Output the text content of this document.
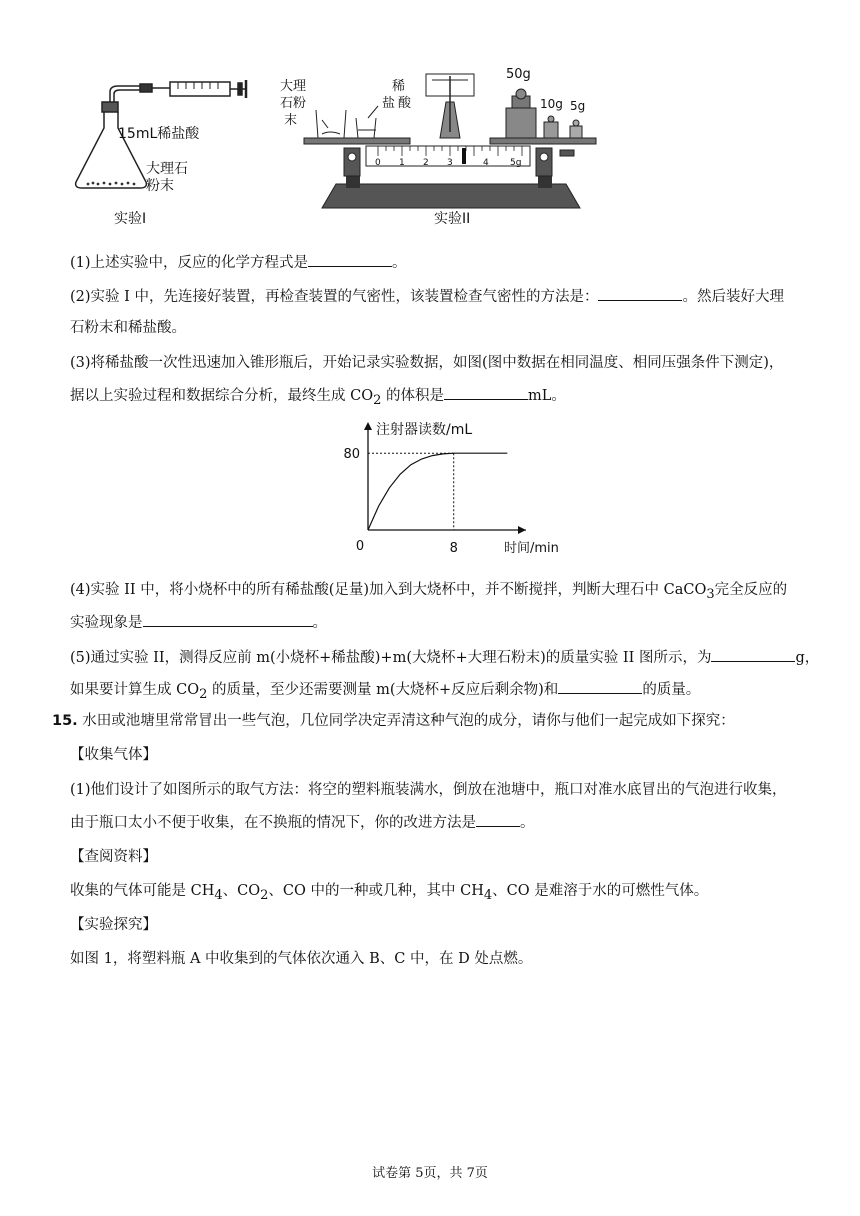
15mL稀盐酸
大理石
粉末
实验I
大理
石粉
末
稀
盐 酸
50g
10g 5g
0 1 2 3	4 5g
实验II
(1)上述实验中，反应的化学方程式是	。
(2)实验 I 中，先连接好装置，再检查装置的气密性，该装置检查气密性的方法是：	。然后装好大理
石粉末和稀盐酸。
(3)将稀盐酸一次性迅速加入锥形瓶后，开始记录实验数据，如图(图中数据在相同温度、相同压强条件下测定)，
据以上实验过程和数据综合分析，最终生成 $CO_2$ 的体积是	mL。
注射器读数/mL
时间/min
0	8
80
(4)实验 II 中，将小烧杯中的所有稀盐酸(足量)加入到大烧杯中，并不断搅拌，判断大理石中 CaCO$_3$完全反应的
实验现象是	。
(5)通过实验 II，测得反应前 m(小烧杯+稀盐酸)+m(大烧杯+大理石粉末)的质量实验 II 图所示，为	g，
如果要计算生成 $CO_2$ 的质量，至少还需要测量 m(大烧杯+反应后剩余物)和	的质量。
15. 水田或池塘里常常冒出一些气泡，几位同学决定弄清这种气泡的成分，请你与他们一起完成如下探究：
【收集气体】
(1)他们设计了如图所示的取气方法：将空的塑料瓶装满水，倒放在池塘中，瓶口对准水底冒出的气泡进行收集，
由于瓶口太小不便于收集，在不换瓶的情况下，你的改进方法是	。
【查阅资料】
收集的气体可能是 $CH_4$、$CO_2$、CO 中的一种或几种，其中 $CH_4$、CO 是难溶于水的可燃性气体。
【实验探究】
如图 1，将塑料瓶 A 中收集到的气体依次通入 B、C 中，在 D 处点燃。
试卷第 5页，共 7页
